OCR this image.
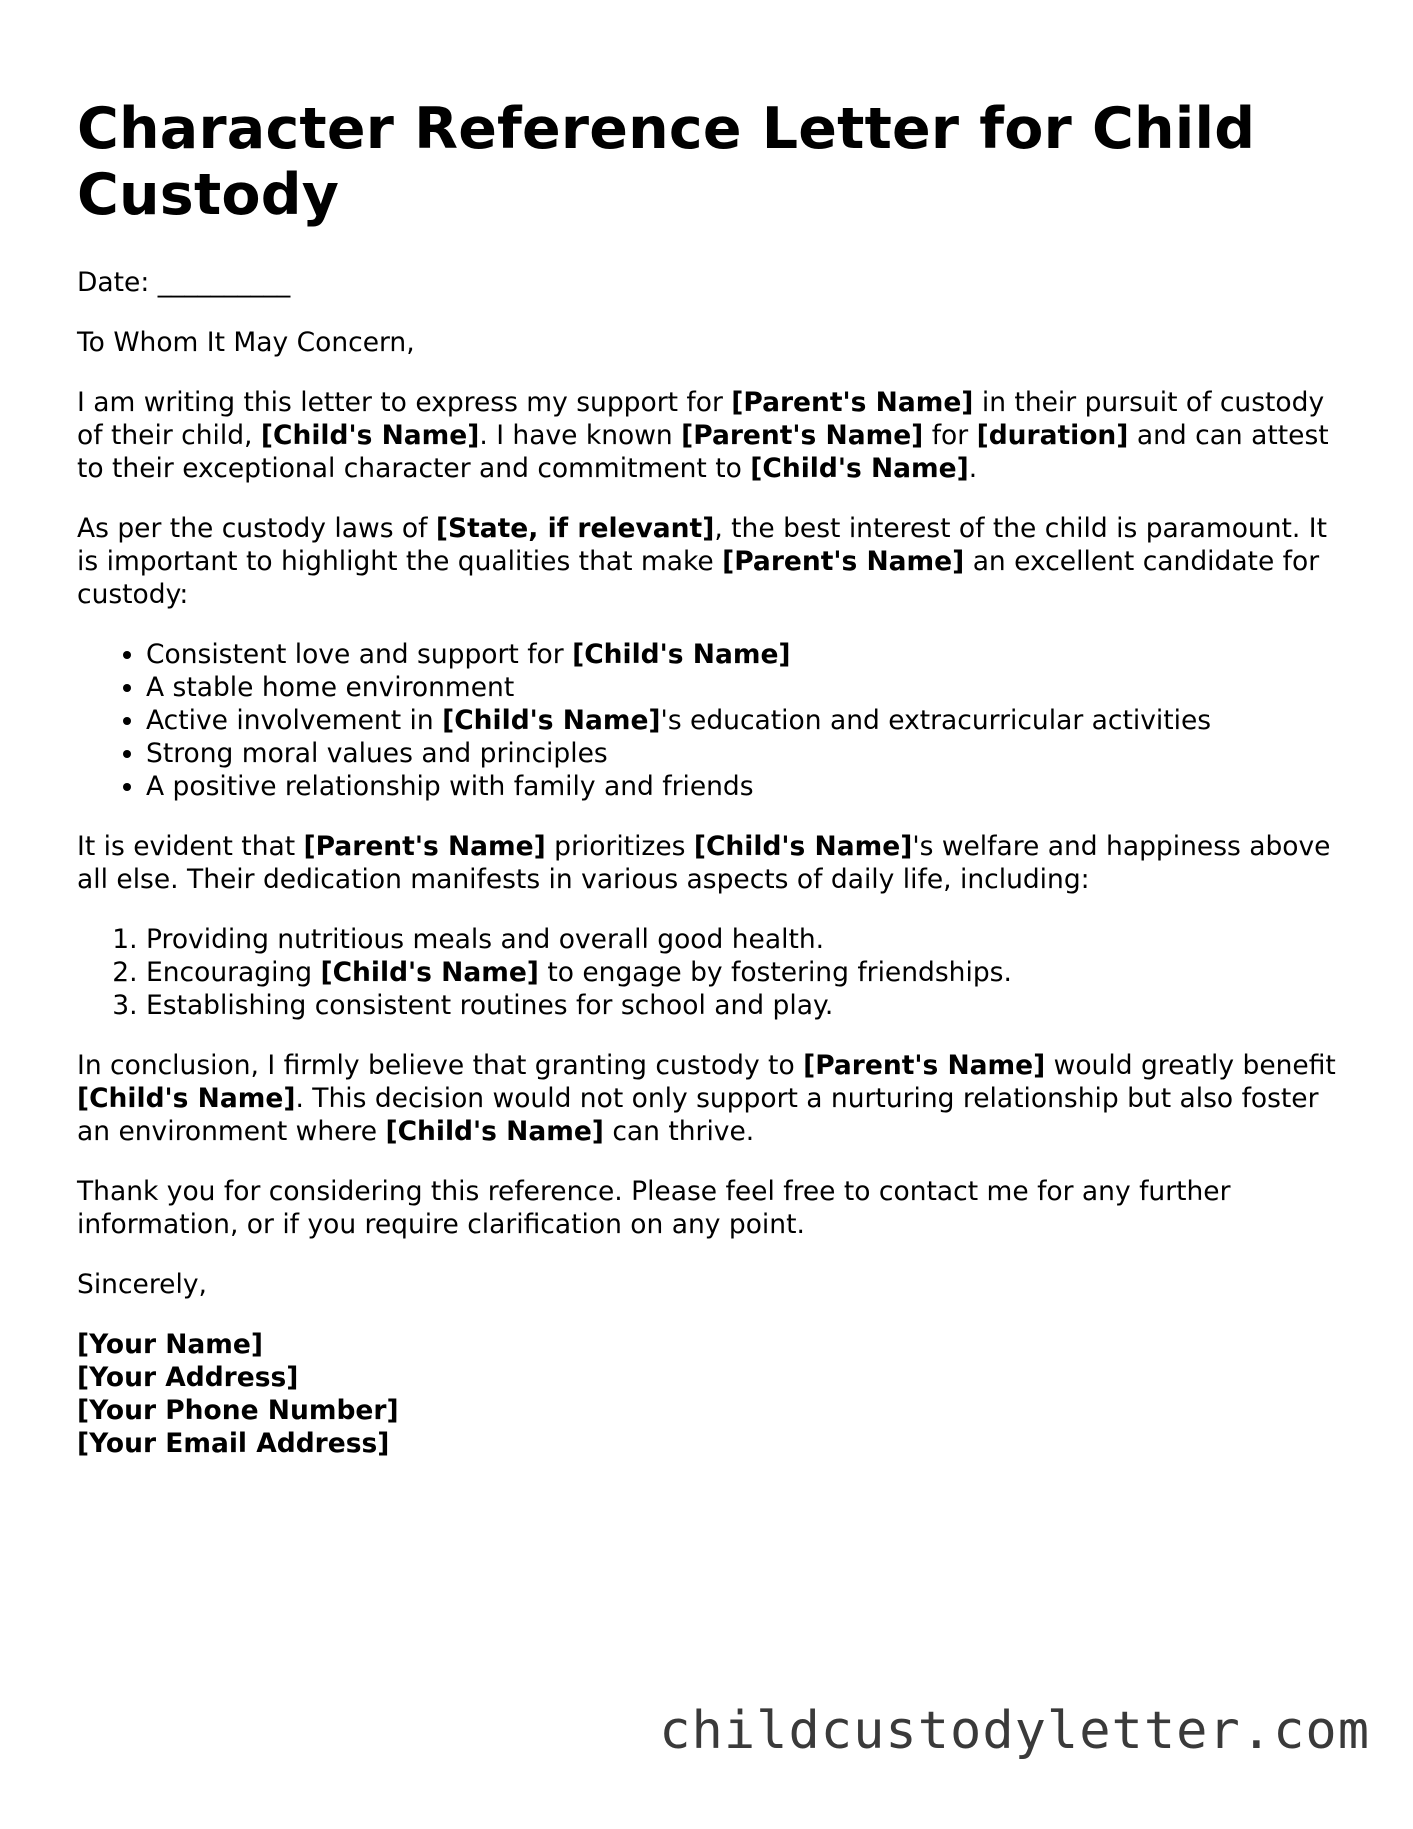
Character Reference Letter for Child Custody

Date: __________

To Whom It May Concern,

I am writing this letter to express my support for [Parent's Name] in their pursuit of custody of their child, [Child's Name]. I have known [Parent's Name] for [duration] and can attest to their exceptional character and commitment to [Child's Name].

As per the custody laws of [State, if relevant], the best interest of the child is paramount. It is important to highlight the qualities that make [Parent's Name] an excellent candidate for custody:

• Consistent love and support for [Child's Name]
• A stable home environment
• Active involvement in [Child's Name]'s education and extracurricular activities
• Strong moral values and principles
• A positive relationship with family and friends

It is evident that [Parent's Name] prioritizes [Child's Name]'s welfare and happiness above all else. Their dedication manifests in various aspects of daily life, including:

1. Providing nutritious meals and overall good health.
2. Encouraging [Child's Name] to engage by fostering friendships.
3. Establishing consistent routines for school and play.

In conclusion, I firmly believe that granting custody to [Parent's Name] would greatly benefit [Child's Name]. This decision would not only support a nurturing relationship but also foster an environment where [Child's Name] can thrive.

Thank you for considering this reference. Please feel free to contact me for any further information, or if you require clarification on any point.

Sincerely,

[Your Name]
[Your Address]
[Your Phone Number]
[Your Email Address]
childcustodyletter.com
